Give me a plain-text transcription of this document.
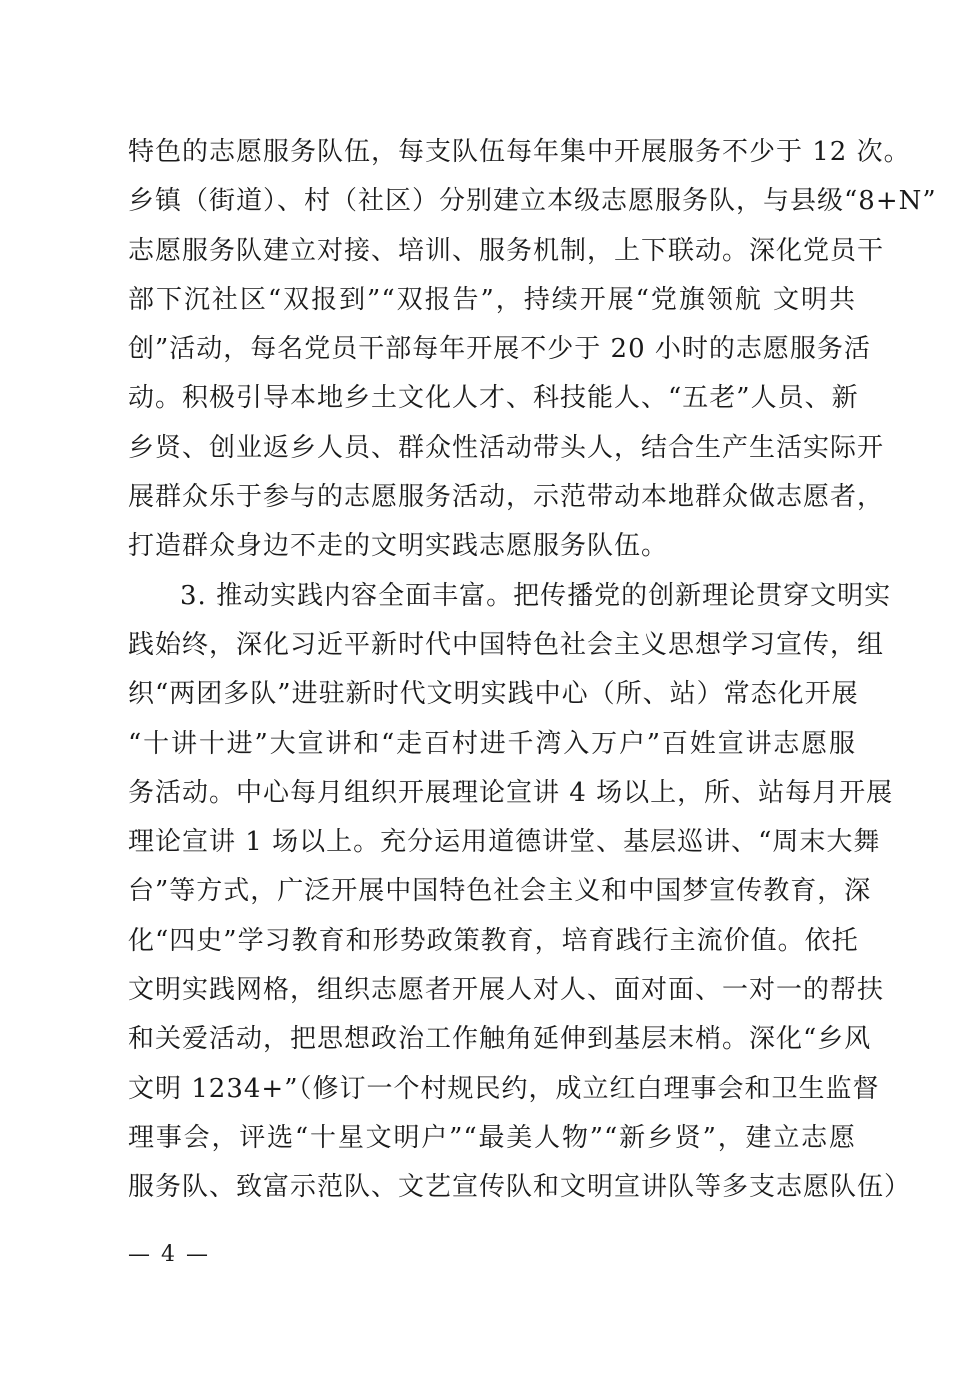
特色的志愿服务队伍，每支队伍每年集中开展服务不少于 12 次。
乡镇（街道）、村（社区）分别建立本级志愿服务队，与县级“8+N”
志愿服务队建立对接、培训、服务机制，上下联动。深化党员干
部下沉社区“双报到”“双报告”，持续开展“党旗领航 文明共
创”活动，每名党员干部每年开展不少于 20 小时的志愿服务活
动。积极引导本地乡土文化人才、科技能人、“五老”人员、新
乡贤、创业返乡人员、群众性活动带头人，结合生产生活实际开
展群众乐于参与的志愿服务活动，示范带动本地群众做志愿者，
打造群众身边不走的文明实践志愿服务队伍。
3. 推动实践内容全面丰富。把传播党的创新理论贯穿文明实
践始终，深化习近平新时代中国特色社会主义思想学习宣传，组
织“两团多队”进驻新时代文明实践中心（所、站）常态化开展
“十讲十进”大宣讲和“走百村进千湾入万户”百姓宣讲志愿服
务活动。中心每月组织开展理论宣讲 4 场以上，所、站每月开展
理论宣讲 1 场以上。充分运用道德讲堂、基层巡讲、“周末大舞
台”等方式，广泛开展中国特色社会主义和中国梦宣传教育，深
化“四史”学习教育和形势政策教育，培育践行主流价值。依托
文明实践网格，组织志愿者开展人对人、面对面、一对一的帮扶
和关爱活动，把思想政治工作触角延伸到基层末梢。深化“乡风
文明 1234+”（修订一个村规民约，成立红白理事会和卫生监督
理事会，评选“十星文明户”“最美人物”“新乡贤”，建立志愿
服务队、致富示范队、文艺宣传队和文明宣讲队等多支志愿队伍）
— 4 —
